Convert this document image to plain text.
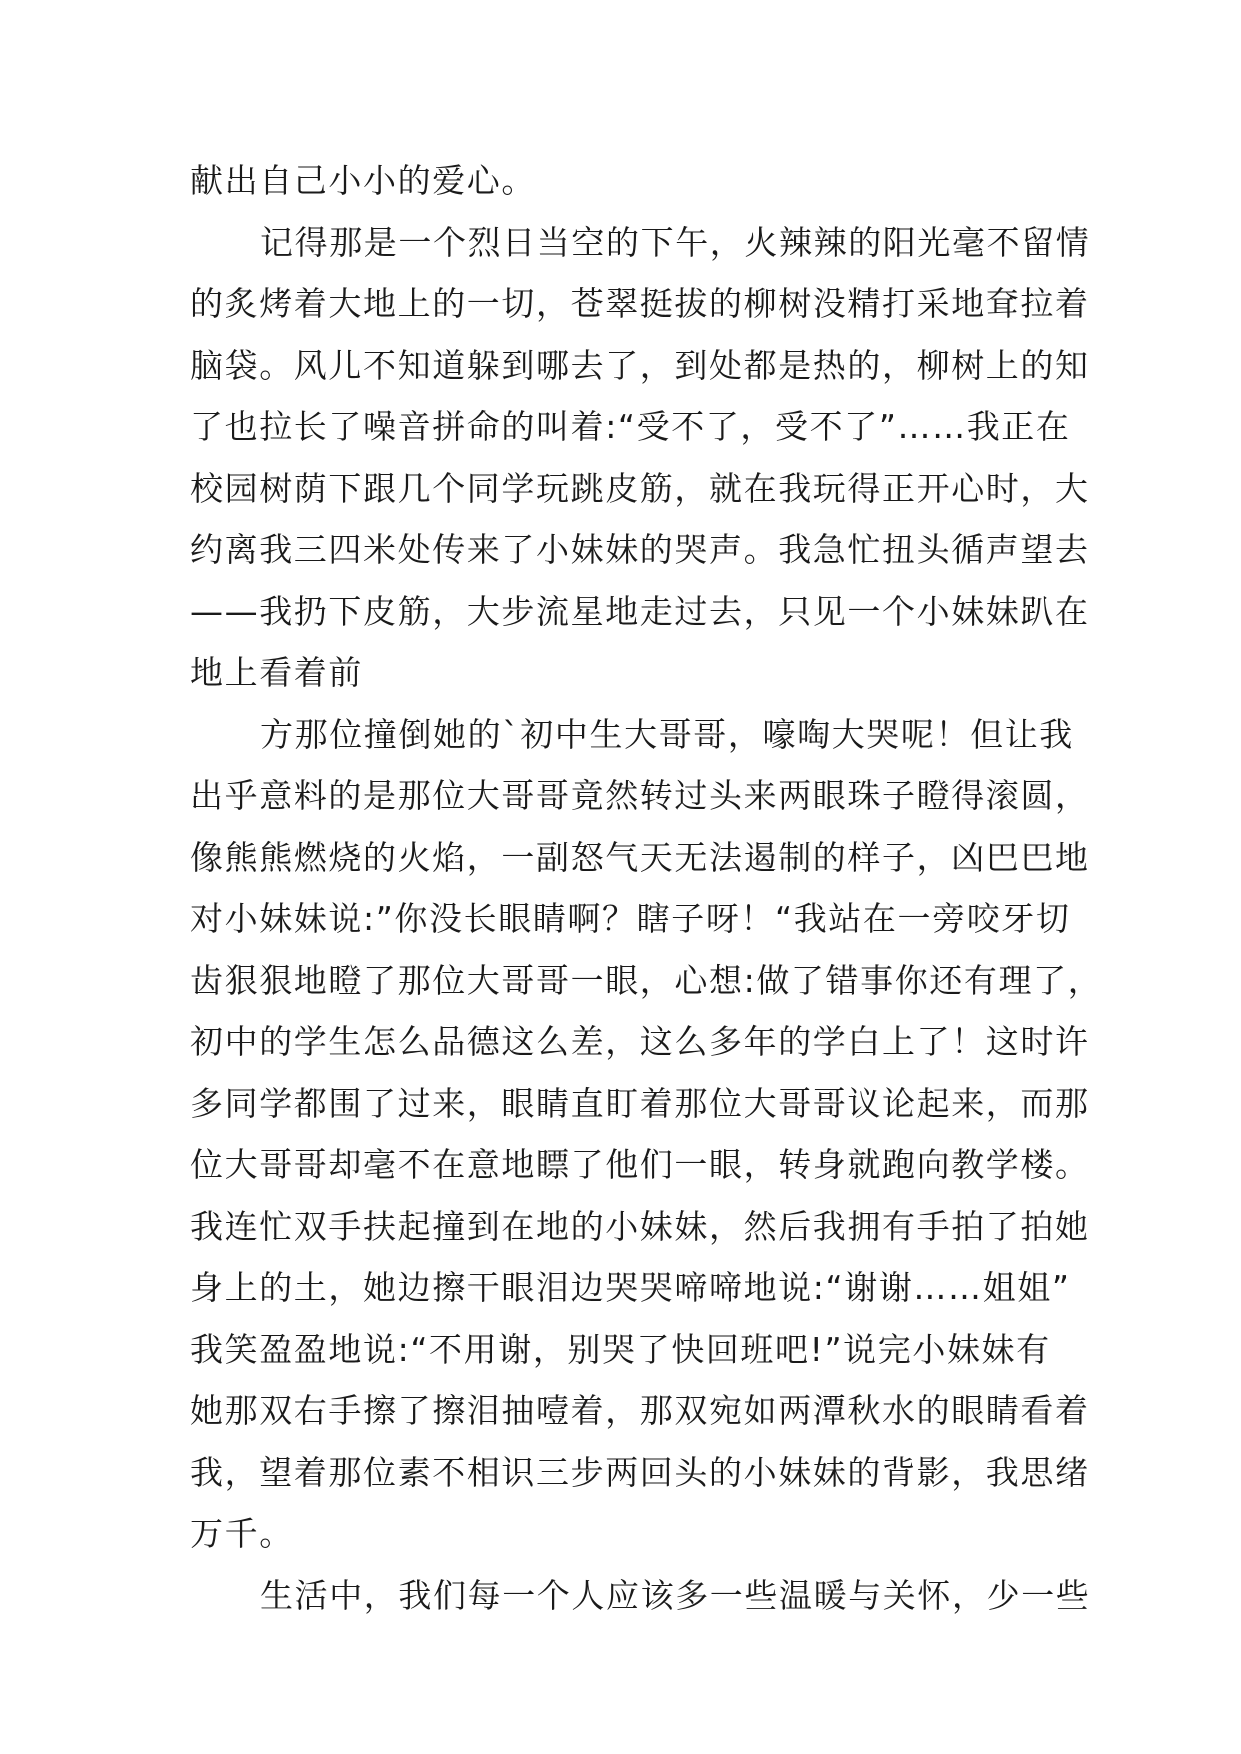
献出自己小小的爱心。
记得那是一个烈日当空的下午，火辣辣的阳光毫不留情
的炙烤着大地上的一切，苍翠挺拔的柳树没精打采地耷拉着
脑袋。风儿不知道躲到哪去了，到处都是热的，柳树上的知
了也拉长了噪音拼命的叫着:“受不了，受不了”……我正在
校园树荫下跟几个同学玩跳皮筋，就在我玩得正开心时，大
约离我三四米处传来了小妹妹的哭声。我急忙扭头循声望去
——我扔下皮筋，大步流星地走过去，只见一个小妹妹趴在
地上看着前
方那位撞倒她的`初中生大哥哥，嚎啕大哭呢！但让我
出乎意料的是那位大哥哥竟然转过头来两眼珠子瞪得滚圆，
像熊熊燃烧的火焰，一副怒气天无法遏制的样子，凶巴巴地
对小妹妹说:”你没长眼睛啊？瞎子呀！“我站在一旁咬牙切
齿狠狠地瞪了那位大哥哥一眼，心想:做了错事你还有理了，
初中的学生怎么品德这么差，这么多年的学白上了！这时许
多同学都围了过来，眼睛直盯着那位大哥哥议论起来，而那
位大哥哥却毫不在意地瞟了他们一眼，转身就跑向教学楼。
我连忙双手扶起撞到在地的小妹妹，然后我拥有手拍了拍她
身上的土，她边擦干眼泪边哭哭啼啼地说:“谢谢……姐姐”
我笑盈盈地说:“不用谢，别哭了快回班吧!”说完小妹妹有
她那双右手擦了擦泪抽噎着，那双宛如两潭秋水的眼睛看着
我，望着那位素不相识三步两回头的小妹妹的背影，我思绪
万千。
生活中，我们每一个人应该多一些温暖与关怀，少一些
